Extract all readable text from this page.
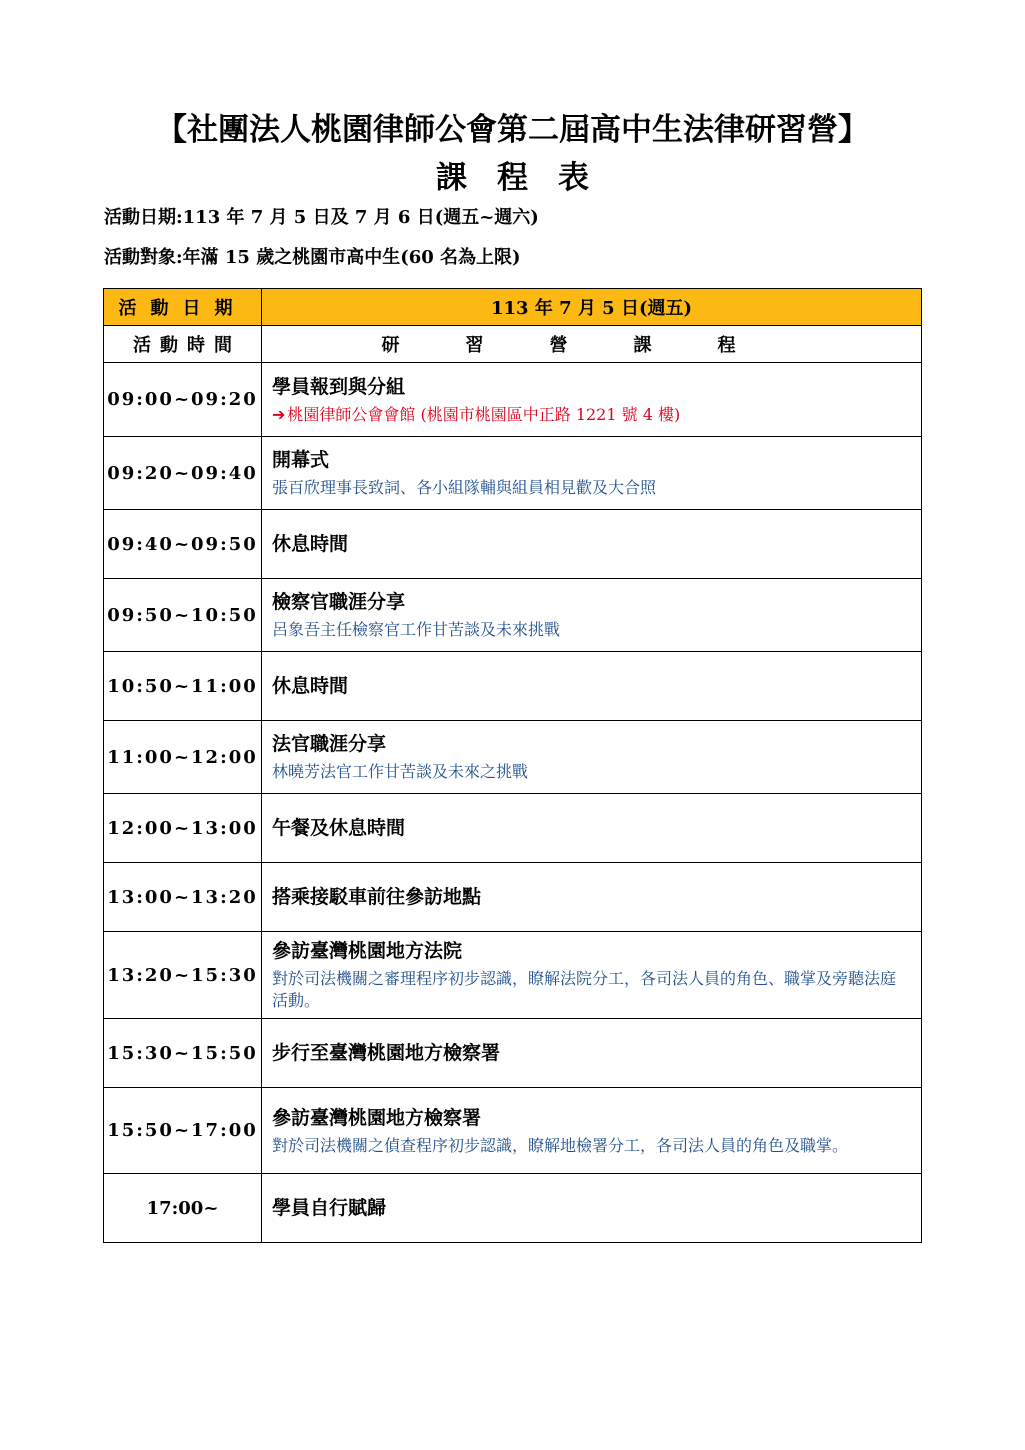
【社團法人桃園律師公會第二屆高中生法律研習營】
課程表
活動日期:113 年 7 月 5 日及 7 月 6 日(週五~週六)
活動對象:年滿 15 歲之桃園市高中生(60 名為上限)
活動日期	113 年 7 月 5 日(週五)
活動時間	研習營課程
09:00~09:20	學員報到與分組
➔ 桃園律師公會會館 (桃園市桃園區中正路 1221 號 4 樓)

09:20~09:40	開幕式
張百欣理事長致詞、各小組隊輔與組員相見歡及大合照

09:40~09:50	休息時間

09:50~10:50	檢察官職涯分享
呂象吾主任檢察官工作甘苦談及未來挑戰

10:50~11:00	休息時間

11:00~12:00	法官職涯分享
林曉芳法官工作甘苦談及未來之挑戰

12:00~13:00	午餐及休息時間

13:00~13:20	搭乘接駁車前往參訪地點

13:20~15:30	參訪臺灣桃園地方法院
對於司法機關之審理程序初步認識，瞭解法院分工，各司法人員的角色、職掌及旁聽法庭活動。

15:30~15:50	步行至臺灣桃園地方檢察署

15:50~17:00	參訪臺灣桃園地方檢察署
對於司法機關之偵查程序初步認識，瞭解地檢署分工，各司法人員的角色及職掌。

17:00~	學員自行賦歸
